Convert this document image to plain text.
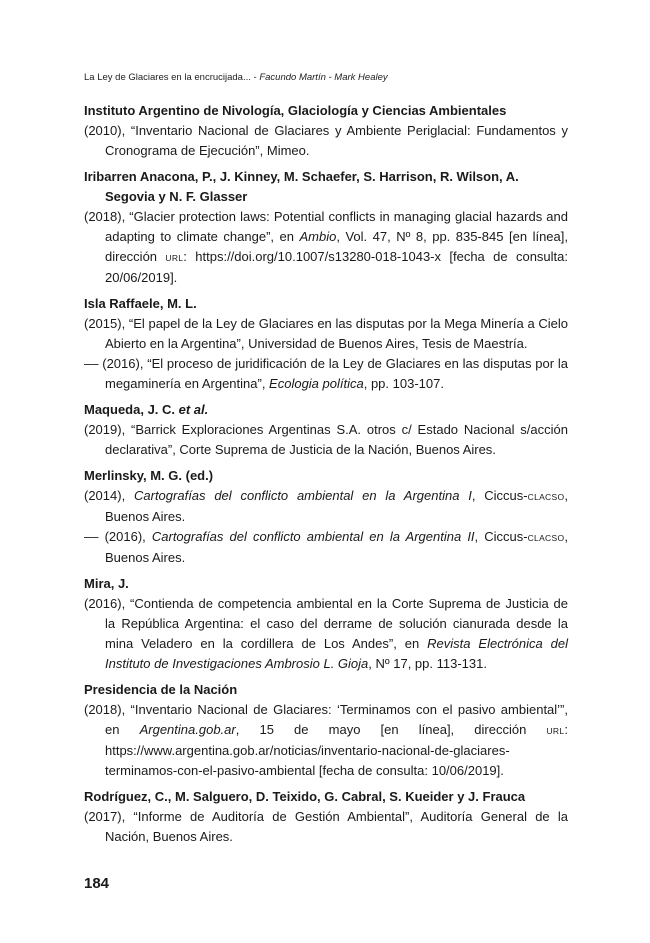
La Ley de Glaciares en la encrucijada... - Facundo Martín - Mark Healey
Instituto Argentino de Nivología, Glaciología y Ciencias Ambientales
(2010), “Inventario Nacional de Glaciares y Ambiente Periglacial: Fundamentos y Cronograma de Ejecución”, Mimeo.
Iribarren Anacona, P., J. Kinney, M. Schaefer, S. Harrison, R. Wilson, A. Segovia y N. F. Glasser
(2018), “Glacier protection laws: Potential conflicts in managing glacial hazards and adapting to climate change”, en Ambio, Vol. 47, Nº 8, pp. 835-845 [en línea], dirección URL: https://doi.org/10.1007/s13280-018-1043-x [fecha de consulta: 20/06/2019].
Isla Raffaele, M. L.
(2015), “El papel de la Ley de Glaciares en las disputas por la Mega Minería a Cielo Abierto en la Argentina”, Universidad de Buenos Aires, Tesis de Maestría.
–– (2016), “El proceso de juridificación de la Ley de Glaciares en las disputas por la megaminería en Argentina”, Ecologia política, pp. 103-107.
Maqueda, J. C. et al.
(2019), “Barrick Exploraciones Argentinas S.A. otros c/ Estado Nacional s/acción declarativa”, Corte Suprema de Justicia de la Nación, Buenos Aires.
Merlinsky, M. G. (ed.)
(2014), Cartografías del conflicto ambiental en la Argentina I, Ciccus-CLACSO, Buenos Aires.
–– (2016), Cartografías del conflicto ambiental en la Argentina II, Ciccus-CLACSO, Buenos Aires.
Mira, J.
(2016), “Contienda de competencia ambiental en la Corte Suprema de Justicia de la República Argentina: el caso del derrame de solución cianurada desde la mina Veladero en la cordillera de Los Andes”, en Revista Electrónica del Instituto de Investigaciones Ambrosio L. Gioja, Nº 17, pp. 113-131.
Presidencia de la Nación
(2018), “Inventario Nacional de Glaciares: ‘Terminamos con el pasivo ambiental’”, en Argentina.gob.ar, 15 de mayo [en línea], dirección URL: https://www.argentina.gob.ar/noticias/inventario-nacional-de-glaciares-terminamos-con-el-pasivo-ambiental [fecha de consulta: 10/06/2019].
Rodríguez, C., M. Salguero, D. Teixido, G. Cabral, S. Kueider y J. Frauca
(2017), “Informe de Auditoría de Gestión Ambiental”, Auditoría General de la Nación, Buenos Aires.
184
